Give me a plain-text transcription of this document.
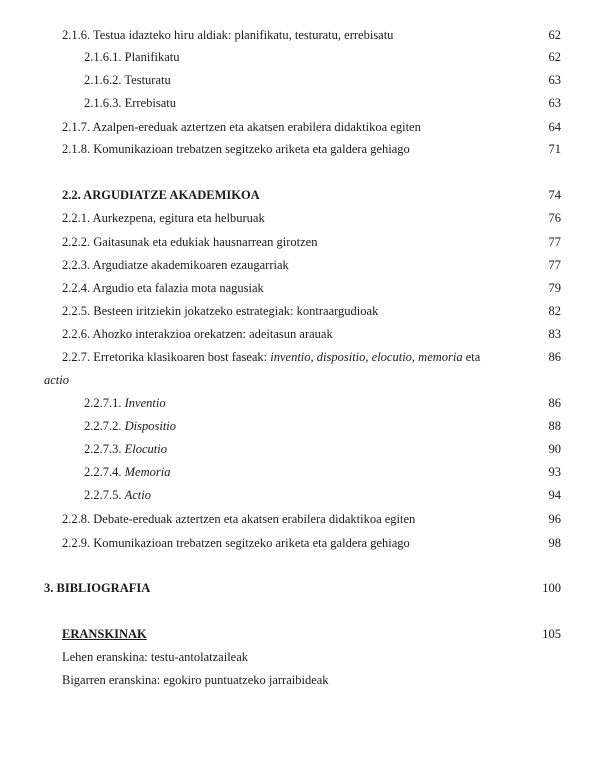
2.1.6. Testua idazteko hiru aldiak: planifikatu, testuratu, errebisatu	62
2.1.6.1. Planifikatu	62
2.1.6.2. Testuratu	63
2.1.6.3. Errebisatu	63
2.1.7. Azalpen-ereduak aztertzen eta akatsen erabilera didaktikoa egiten	64
2.1.8. Komunikazioan trebatzen segitzeko ariketa eta galdera gehiago	71
2.2. ARGUDIATZE AKADEMIKOA	74
2.2.1. Aurkezpena, egitura eta helburuak	76
2.2.2. Gaitasunak eta edukiak hausnarrean girotzen	77
2.2.3. Argudiatze akademikoaren ezaugarriak	77
2.2.4. Argudio eta falazia mota nagusiak	79
2.2.5. Besteen iritziekin jokatzeko estrategiak: kontraargudioak	82
2.2.6. Ahozko interakzioa orekatzen: adeitasun arauak	83
2.2.7. Erretorika klasikoaren bost faseak: inventio, dispositio, elocutio, memoria eta	86
actio
2.2.7.1. Inventio	86
2.2.7.2. Dispositio	88
2.2.7.3. Elocutio	90
2.2.7.4. Memoria	93
2.2.7.5. Actio	94
2.2.8. Debate-ereduak aztertzen eta akatsen erabilera didaktikoa egiten	96
2.2.9. Komunikazioan trebatzen segitzeko ariketa eta galdera gehiago	98
3. BIBLIOGRAFIA	100
ERANSKINAK	105
Lehen eranskina: testu-antolatzaileak
Bigarren eranskina: egokiro puntuatzeko jarraibideak
